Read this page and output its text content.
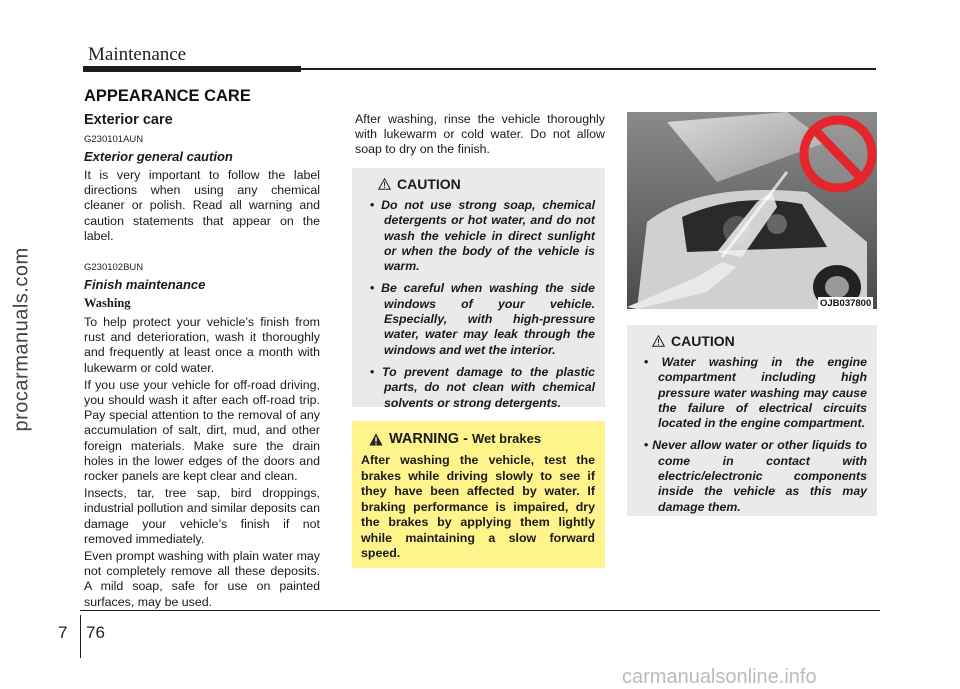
Maintenance
procarmanuals.com
APPEARANCE CARE

Exterior care

G230101AUN

Exterior general caution

It is very important to follow the label directions when using any chemical cleaner or polish. Read all warning and caution statements that appear on the label.

G230102BUN

Finish maintenance

Washing

To help protect your vehicle’s finish from rust and deterioration, wash it thoroughly and frequently at least once a month with lukewarm or cold water.

If you use your vehicle for off-road driving, you should wash it after each off-road trip. Pay special attention to the removal of any accumulation of salt, dirt, mud, and other foreign materials. Make sure the drain holes in the lower edges of the doors and rocker panels are kept clear and clean.

Insects, tar, tree sap, bird droppings, industrial pollution and similar deposits can damage your vehicle’s finish if not removed immediately.

Even prompt washing with plain water may not completely remove all these deposits. A mild soap, safe for use on painted surfaces, may be used.

After washing, rinse the vehicle thoroughly with lukewarm or cold water. Do not allow soap to dry on the finish.

CAUTION
• Do not use strong soap, chemical detergents or hot water, and do not wash the vehicle in direct sunlight or when the body of the vehicle is warm.
• Be careful when washing the side windows of your vehicle. Especially, with high-pressure water, water may leak through the windows and wet the interior.
• To prevent damage to the plastic parts, do not clean with chemical solvents or strong detergents.
WARNING - Wet brakes

After washing the vehicle, test the brakes while driving slowly to see if they have been affected by water. If braking performance is impaired, dry the brakes by applying them lightly while maintaining a slow forward speed.

OJB037800
CAUTION
• Water washing in the engine compartment including high pressure water washing may cause the failure of electrical circuits located in the engine compartment.
• Never allow water or other liquids to come in contact with electric/electronic components inside the vehicle as this may damage them.
7 76
carmanualsonline.info
